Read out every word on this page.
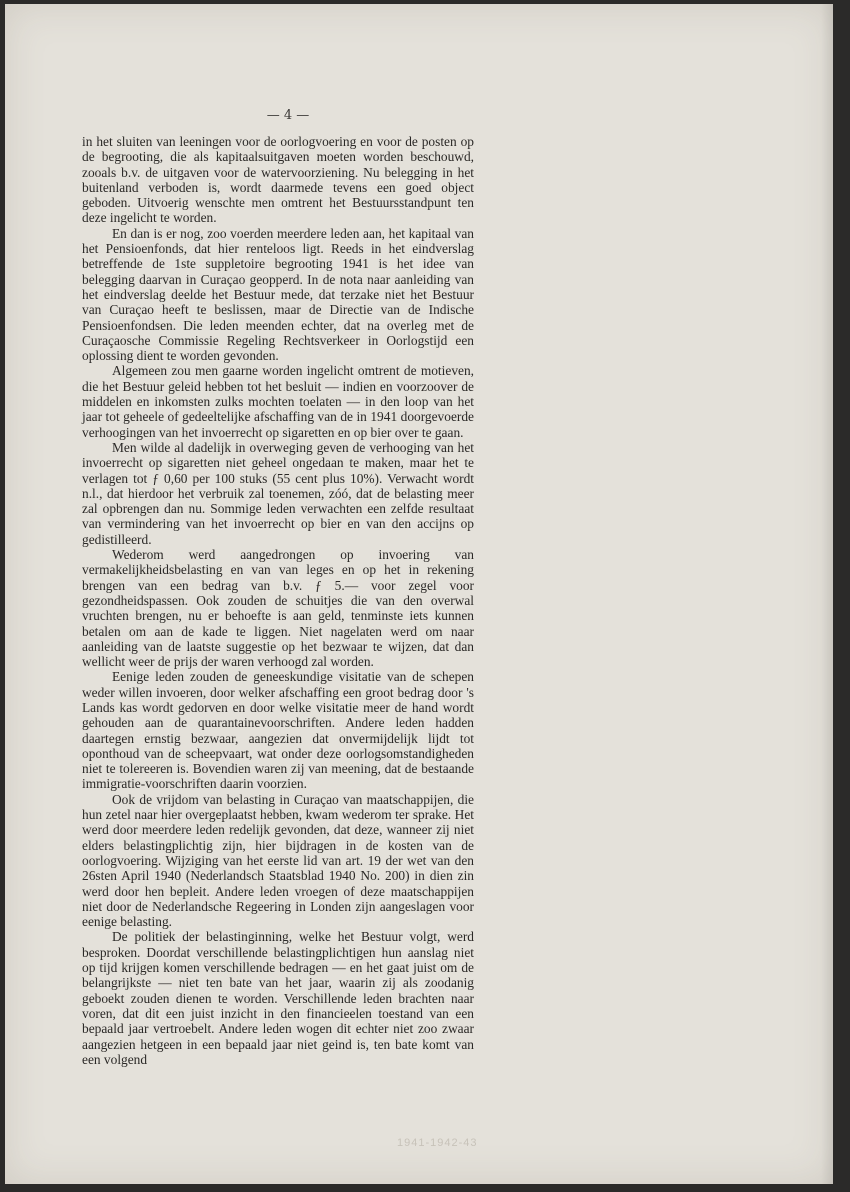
— 4 —

in het sluiten van leeningen voor de oorlogvoering en voor de posten op de begrooting, die als kapitaalsuitgaven moeten worden beschouwd, zooals b.v. de uitgaven voor de watervoorziening. Nu belegging in het buitenland verboden is, wordt daarmede tevens een goed object geboden. Uitvoerig wenschte men omtrent het Bestuursstandpunt ten deze ingelicht te worden.

En dan is er nog, zoo voerden meerdere leden aan, het kapitaal van het Pensioenfonds, dat hier renteloos ligt. Reeds in het eindverslag betreffende de 1ste suppletoire begrooting 1941 is het idee van belegging daarvan in Curaçao geopperd. In de nota naar aanleiding van het eindverslag deelde het Bestuur mede, dat terzake niet het Bestuur van Curaçao heeft te beslissen, maar de Directie van de Indische Pensioenfondsen. Die leden meenden echter, dat na overleg met de Curaçaosche Commissie Regeling Rechtsverkeer in Oorlogstijd een oplossing dient te worden gevonden.

Algemeen zou men gaarne worden ingelicht omtrent de motieven, die het Bestuur geleid hebben tot het besluit — indien en voorzoover de middelen en inkomsten zulks mochten toelaten — in den loop van het jaar tot geheele of gedeeltelijke afschaffing van de in 1941 doorgevoerde verhoogingen van het invoerrecht op sigaretten en op bier over te gaan.

Men wilde al dadelijk in overweging geven de verhooging van het invoerrecht op sigaretten niet geheel ongedaan te maken, maar het te verlagen tot ƒ 0,60 per 100 stuks (55 cent plus 10%). Verwacht wordt n.l., dat hierdoor het verbruik zal toenemen, zóó, dat de belasting meer zal opbrengen dan nu. Sommige leden verwachten een zelfde resultaat van vermindering van het invoerrecht op bier en van den accijns op gedistilleerd.

Wederom werd aangedrongen op invoering van vermakelijkheidsbelasting en van van leges en op het in rekening brengen van een bedrag van b.v. ƒ 5.— voor zegel voor gezondheidspassen. Ook zouden de schuitjes die van den overwal vruchten brengen, nu er behoefte is aan geld, tenminste iets kunnen betalen om aan de kade te liggen. Niet nagelaten werd om naar aanleiding van de laatste suggestie op het bezwaar te wijzen, dat dan wellicht weer de prijs der waren verhoogd zal worden.

Eenige leden zouden de geneeskundige visitatie van de schepen weder willen invoeren, door welker afschaffing een groot bedrag door 's Lands kas wordt gedorven en door welke visitatie meer de hand wordt gehouden aan de quarantainevoorschriften. Andere leden hadden daartegen ernstig bezwaar, aangezien dat onvermijdelijk lijdt tot oponthoud van de scheepvaart, wat onder deze oorlogsomstandigheden niet te tolereeren is. Bovendien waren zij van meening, dat de bestaande immigratie-voorschriften daarin voorzien.

Ook de vrijdom van belasting in Curaçao van maatschappijen, die hun zetel naar hier overgeplaatst hebben, kwam wederom ter sprake. Het werd door meerdere leden redelijk gevonden, dat deze, wanneer zij niet elders belastingplichtig zijn, hier bijdragen in de kosten van de oorlogvoering. Wijziging van het eerste lid van art. 19 der wet van den 26sten April 1940 (Nederlandsch Staatsblad 1940 No. 200) in dien zin werd door hen bepleit. Andere leden vroegen of deze maatschappijen niet door de Nederlandsche Regeering in Londen zijn aangeslagen voor eenige belasting.

De politiek der belastinginning, welke het Bestuur volgt, werd besproken. Doordat verschillende belastingplichtigen hun aanslag niet op tijd krijgen komen verschillende bedragen — en het gaat juist om de belangrijkste — niet ten bate van het jaar, waarin zij als zoodanig geboekt zouden dienen te worden. Verschillende leden brachten naar voren, dat dit een juist inzicht in den financieelen toestand van een bepaald jaar vertroebelt. Andere leden wogen dit echter niet zoo zwaar aangezien hetgeen in een bepaald jaar niet geind is, ten bate komt van een volgend

1941-1942-43
